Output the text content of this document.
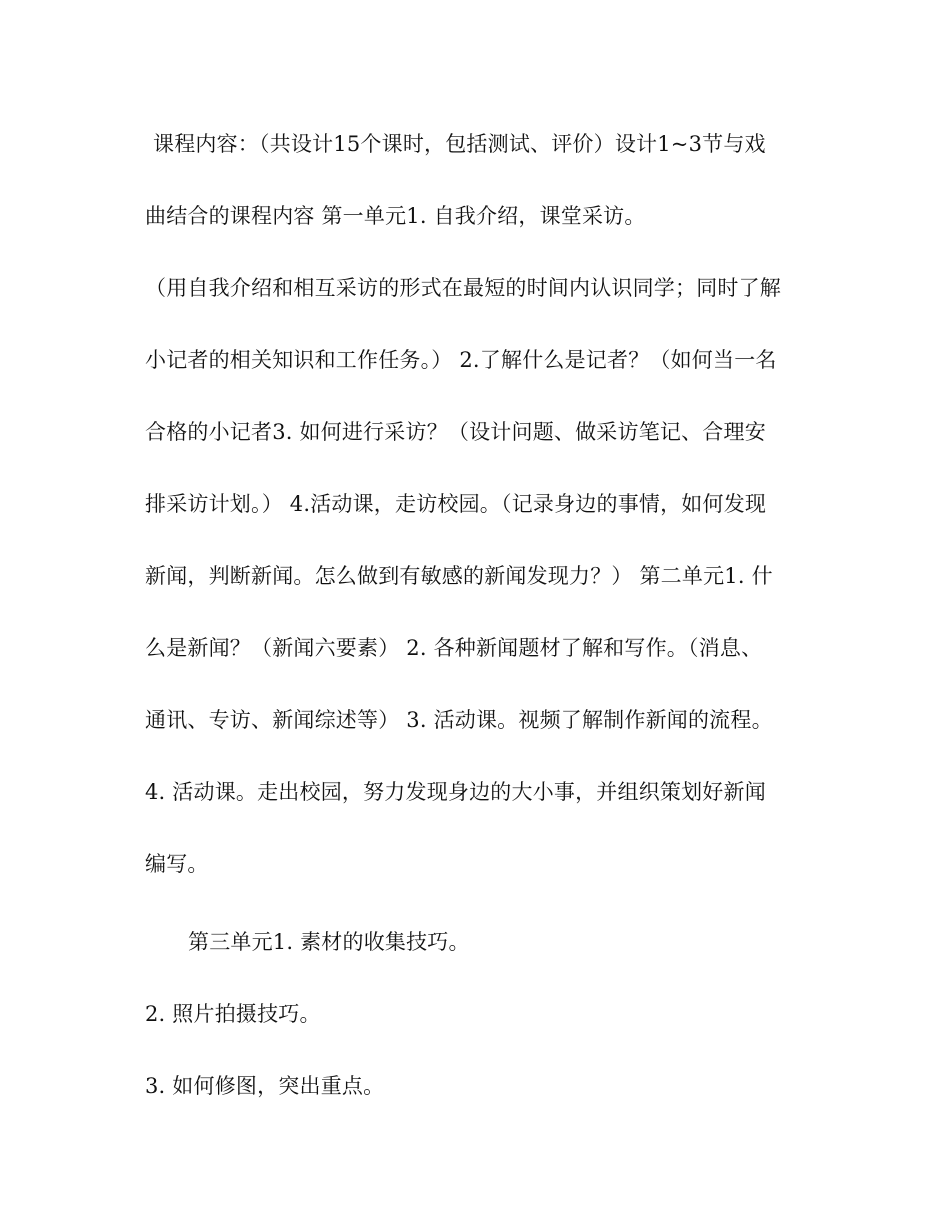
课程内容：（共设计15个课时，包括测试、评价）设计1~3节与戏
曲结合的课程内容 第一单元1. 自我介绍，课堂采访。
（用自我介绍和相互采访的形式在最短的时间内认识同学；同时了解
小记者的相关知识和工作任务。） 2.了解什么是记者？（如何当一名
合格的小记者3. 如何进行采访？（设计问题、做采访笔记、合理安
排采访计划。） 4.活动课，走访校园。（记录身边的事情，如何发现
新闻，判断新闻。怎么做到有敏感的新闻发现力？） 第二单元1. 什
么是新闻？（新闻六要素） 2. 各种新闻题材了解和写作。（消息、
通讯、专访、新闻综述等） 3. 活动课。视频了解制作新闻的流程。
4. 活动课。走出校园，努力发现身边的大小事，并组织策划好新闻
编写。
第三单元1. 素材的收集技巧。
2. 照片拍摄技巧。
3. 如何修图，突出重点。
